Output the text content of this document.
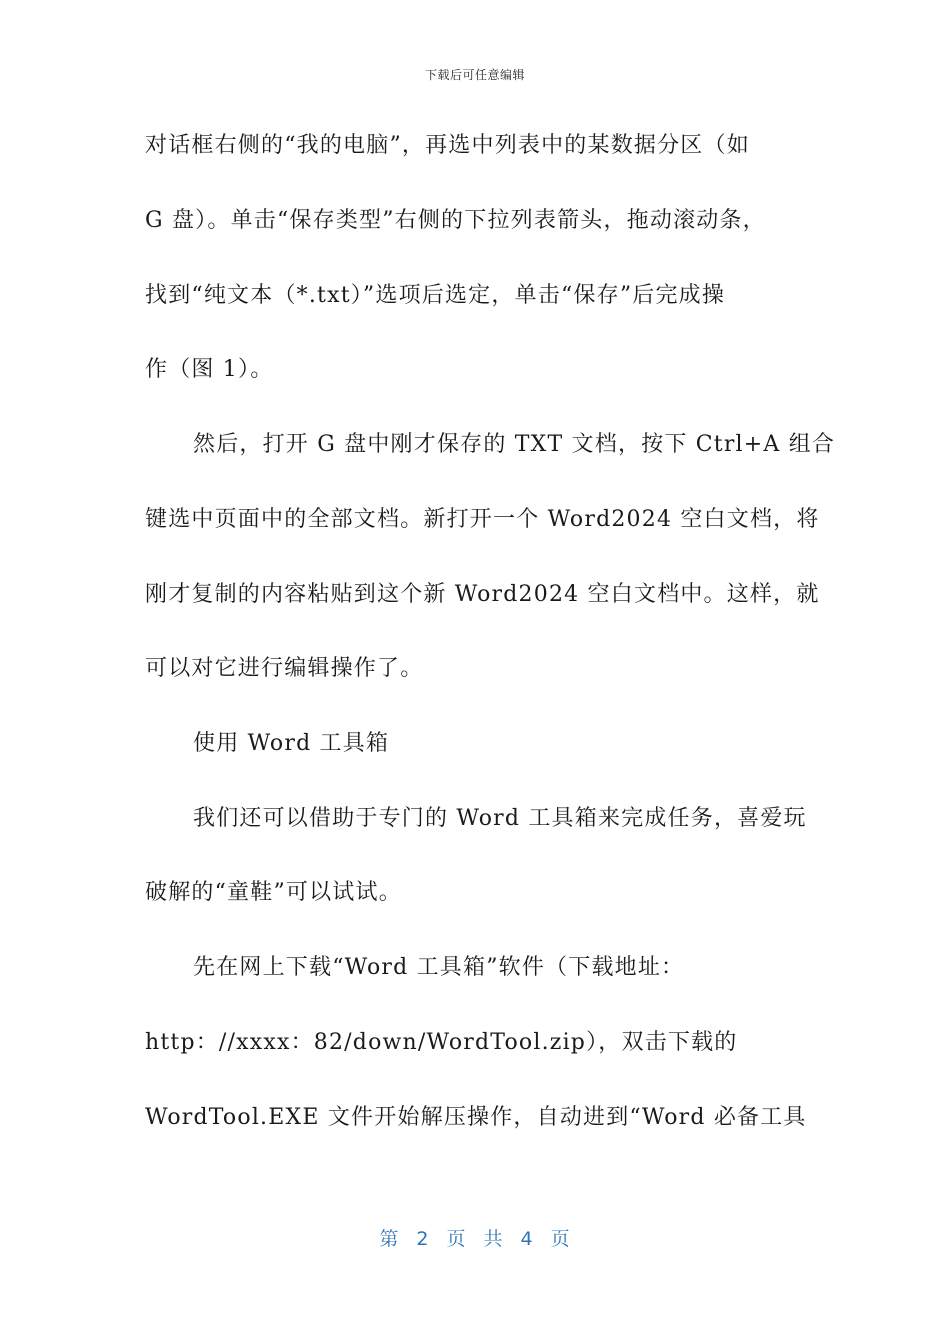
下载后可任意编辑
对话框右侧的“我的电脑”，再选中列表中的某数据分区（如
G 盘）。单击“保存类型”右侧的下拉列表箭头，拖动滚动条，
找到“纯文本（*.txt）”选项后选定，单击“保存”后完成操
作（图 1）。
然后，打开 G 盘中刚才保存的 TXT 文档，按下 Ctrl+A 组合
键选中页面中的全部文档。新打开一个 Word2024 空白文档，将
刚才复制的内容粘贴到这个新 Word2024 空白文档中。这样，就
可以对它进行编辑操作了。
使用 Word 工具箱
我们还可以借助于专门的 Word 工具箱来完成任务，喜爱玩
破解的“童鞋”可以试试。
先在网上下载“Word 工具箱”软件（下载地址：
http：//xxxx：82/down/WordTool.zip），双击下载的
WordTool.EXE 文件开始解压操作，自动进到“Word 必备工具
第 2 页 共 4 页
